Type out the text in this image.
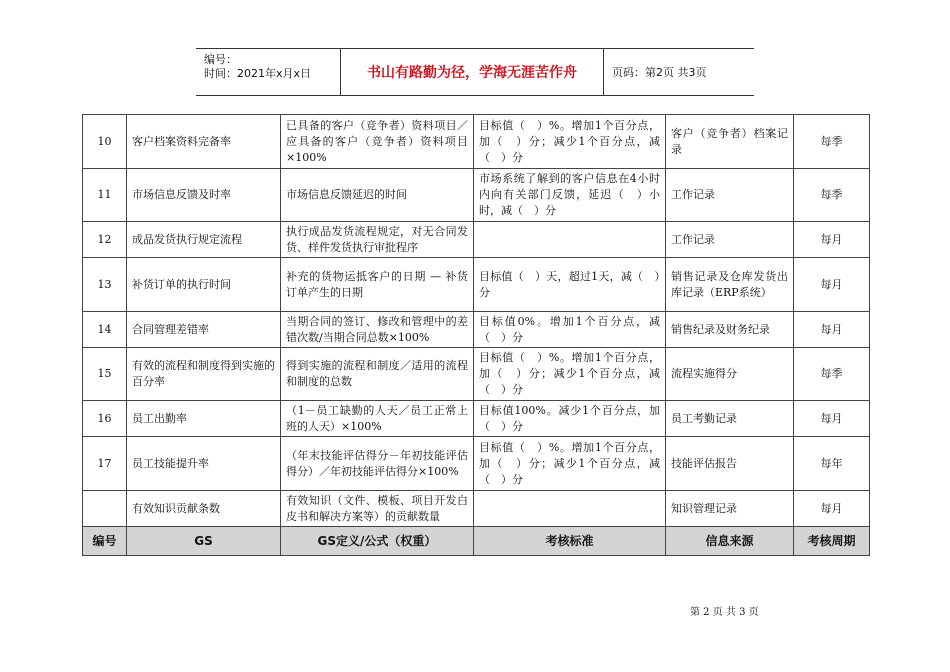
编号：
时间：2021年x月x日	书山有路勤为径，学海无涯苦作舟	页码：第2页 共3页
10	客户档案资料完备率	已具备的客户（竞争者）资料项目／应具备的客户（竞争者）资料项目×100%	目标值（　）%。增加1个百分点，加（　）分；减少1个百分点，减（　）分	客户（竞争者）档案记录	每季
11	市场信息反馈及时率	市场信息反馈延迟的时间	市场系统了解到的客户信息在4小时内向有关部门反馈，延迟（　）小时，减（　）分	工作记录	每季
12	成品发货执行规定流程	执行成品发货流程规定，对无合同发货、样件发货执行审批程序		工作记录	每月
13	补货订单的执行时间	补充的货物运抵客户的日期 — 补货订单产生的日期	目标值（　）天，超过1天，减（　）分	销售记录及仓库发货出库记录（ERP系统）	每月
14	合同管理差错率	当期合同的签订、修改和管理中的差错次数/当期合同总数×100%	目标值0%。增加1个百分点，减（　）分	销售纪录及财务纪录	每月
15	有效的流程和制度得到实施的百分率	得到实施的流程和制度／适用的流程和制度的总数	目标值（　）%。增加1个百分点，加（　）分；减少1个百分点，减（　）分	流程实施得分	每季
16	员工出勤率	（1－员工缺勤的人天／员工正常上班的人天）×100%	目标值100%。减少1个百分点，加（　）分	员工考勤记录	每月
17	员工技能提升率	（年末技能评估得分－年初技能评估得分）／年初技能评估得分×100%	目标值（　）%。增加1个百分点，加（　）分；减少1个百分点，减（　）分	技能评估报告	每年
	有效知识贡献条数	有效知识（文件、模板、项目开发白皮书和解决方案等）的贡献数量		知识管理记录	每月
编号	GS	GS定义/公式（权重）	考核标准	信息来源	考核周期
第 2 页 共 3 页
